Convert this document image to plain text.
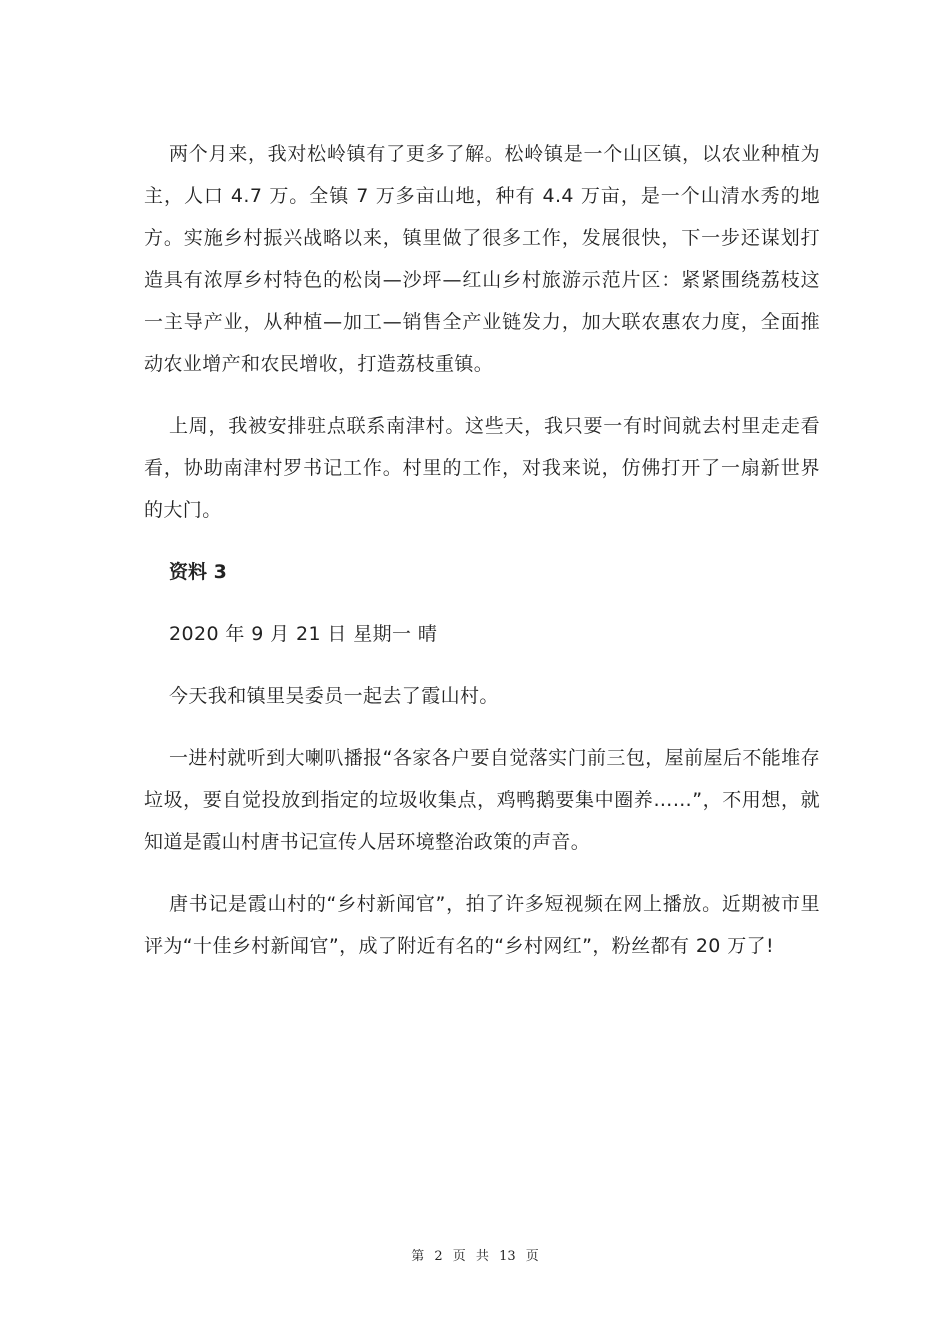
两个月来，我对松岭镇有了更多了解。松岭镇是一个山区镇，以农业种植为主，人口 4.7 万。全镇 7 万多亩山地，种有 4.4 万亩，是一个山清水秀的地方。实施乡村振兴战略以来，镇里做了很多工作，发展很快，下一步还谋划打造具有浓厚乡村特色的松岗—沙坪—红山乡村旅游示范片区：紧紧围绕荔枝这一主导产业，从种植—加工—销售全产业链发力，加大联农惠农力度，全面推动农业增产和农民增收，打造荔枝重镇。

上周，我被安排驻点联系南津村。这些天，我只要一有时间就去村里走走看看，协助南津村罗书记工作。村里的工作，对我来说，仿佛打开了一扇新世界的大门。

资料 3

2020 年 9 月 21 日 星期一 晴

今天我和镇里吴委员一起去了霞山村。

一进村就听到大喇叭播报“各家各户要自觉落实门前三包，屋前屋后不能堆存垃圾，要自觉投放到指定的垃圾收集点，鸡鸭鹅要集中圈养……”，不用想，就知道是霞山村唐书记宣传人居环境整治政策的声音。

唐书记是霞山村的“乡村新闻官”，拍了许多短视频在网上播放。近期被市里评为“十佳乡村新闻官”，成了附近有名的“乡村网红”，粉丝都有 20 万了!

第 2 页 共 13 页
